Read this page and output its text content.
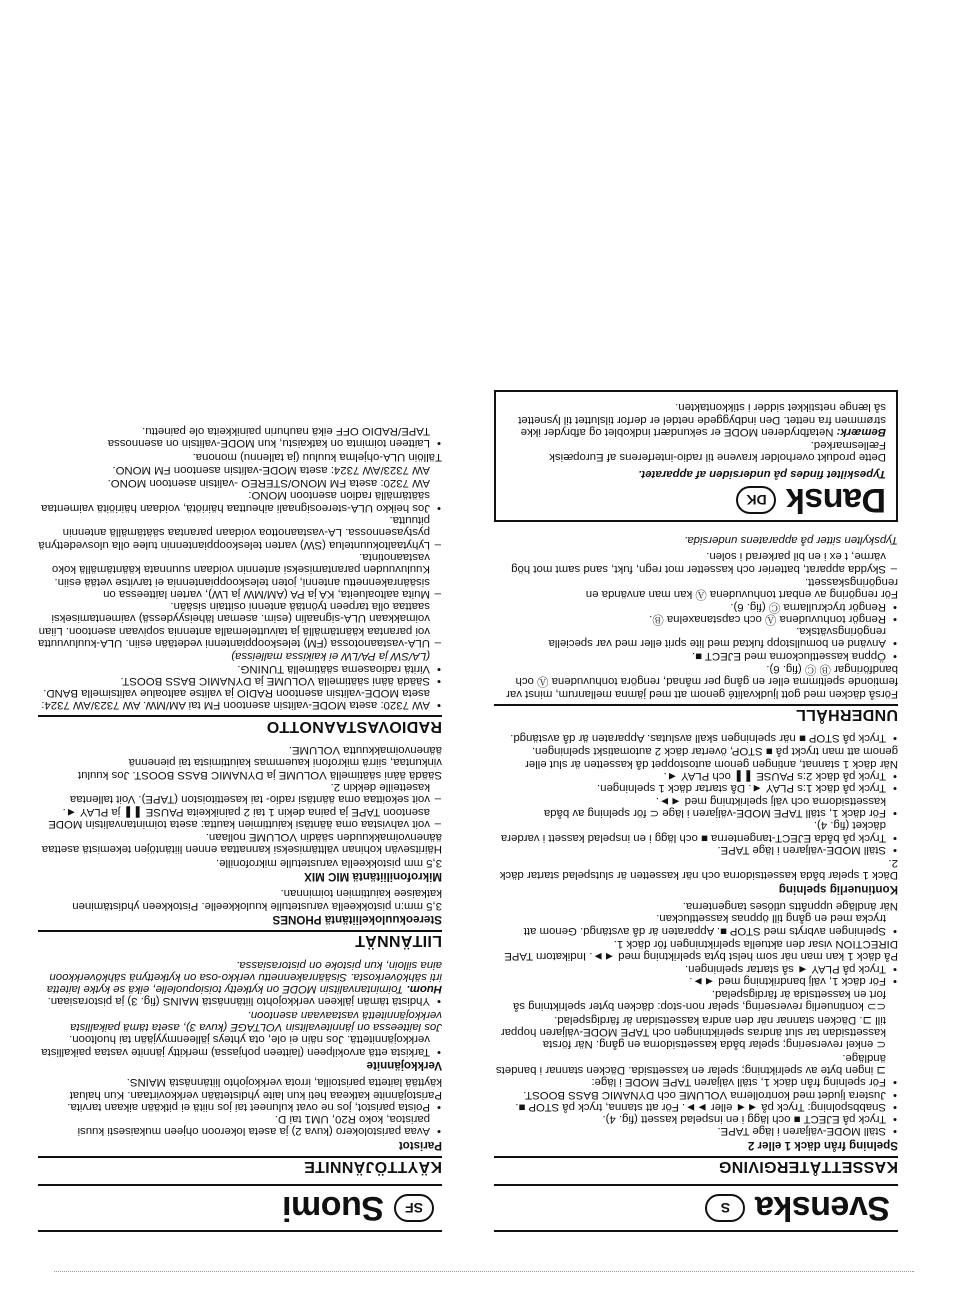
Svenska
S
KASSETTÅTERGIVING
Spelning från däck 1 eller 2
• Ställ MODE-väljaren i läge TAPE.
• Tryck på EJECT ■ och lägg i en inspelad kassett (fig. 4).
• Snabbspolning: Tryck på ◄◄ eller ►►. För att stanna, tryck på STOP ■.
• Justera ljudet med kontrollerna VOLUME och DYNAMIC BASS BOOST.
• För spelning från däck 1, ställ väljaren TAPE MODE i läge:

⊐ ingen byte av spelriktning; spelar en kassettsida. Däcken stannar i bandets ändläge.

⊂ enkel reversering; spelar båda kassettsidorna en gång. När första kassettsidan tar slut ändras spelriktningen och TAPE MODE-väljaren hoppar till ⊐. Däcken stannar när den andra kassettsidan är färdigspelad.

⊂⊃ kontinuerlig reversering, spelar non-stop: däcken byter spelriktning så fort en kassettsida är färdigspelad.

• För däck 1, välj bandriktning med ◄►.
• Tryck på PLAY ◄ så startar spelningen.

På däck 1 kan man när som helst byta spelriktning med ◄►. Indikatorn TAPE DIRECTION visar den aktuella spelriktningen för däck 1.

• Spelningen avbryts med STOP ■. Apparaten är då avstängd. Genom att trycka med en gång till öppnas kassettluckan.

När ändläge uppnåtts utlöses tangenterna.

Kontinuerlig spelning

Däck 1 spelar båda kassettsidorna och när kassetten är slutspelad startar däck 2.

• Ställ MODE-väljaren i läge TAPE.
• Tryck på båda EJECT-tangenterna ■ och lägg i en inspelad kassett i vardera däcket (fig. 4).
• För däck 1, ställ TAPE MODE-väljaren i läge ⊂ för spelning av båda kassettsidorna och välj spelriktning med ◄►.
• Tryck på däck 1:s PLAY ◄. Då startar däck 1 spelningen.
• Tryck på däck 2:s PAUSE ❚❚ och PLAY ◄.

När däck 1 stannat, antingen genom autostoppet då kassetten är slut eller genom att man tryckt på ■ STOP, övertar däck 2 automatiskt spelningen.

• Tryck på STOP ■ när spelningen skall avslutas. Apparaten är då avstängd.
UNDERHÅLL

Förså däcken med gott ljudkvalité genom att med jämna mellanrum, minst var femtionde speltimma eller en gång per månad, rengöra tonhuvudena Ⓐ och bandföringar Ⓑ Ⓒ (fig. 6).

• Öppna kassettluckorna med EJECT ■.
• Använd en bomullstopp fuktad med lite sprit eller med var speciella rengöringsvätska.
• Rengör tonhuvudena Ⓐ och capstanaxelna Ⓑ.
• Rengör tryckrullarna Ⓒ (fig. 6).

För rengöring av enbart tonhuvudena Ⓐ kan man använda en rengöringskassett.

– Skydda apparat, batterier och kassetter mot regn, fukt, sand samt mot hög värme, t ex i en bil parkerad i solen.

Typskylten sitter på apparatens undersida.

Dansk
DK

Typeskiltet findes på undersiden af apparatet.

Dette produkt overholder kravene til radio-interferens af Europæisk Fællesmarked.

Bemærk: Netafbryderen MODE er sekundært indkoblet og afbryder ikke strømmen fra nettet. Den indbyggede netdel er derfor tilsluttet til lysnettet så længe netstikket sidder i stikkontakten.

SF
Suomi
KÄYTTÖJÄNNITE
Paristot
• Avaa paristolokero (kuva 2) ja aseta lokeroon ohjeen mukaisesti kuusi paristoa, koko R20, UM1 tai D.
• Poista paristot, jos ne ovat kuluneet tai jos niitä ei pitkään aikaan tarvita.

Paristojännite katkeaa heti kun laite yhdistetään verkkovirtaan. Kun haluat käyttää laitetta paristoilla, irrota verkkojohto liitännästä MAINS.

Verkkojännite
• Tarkista että arvokilpeen (laitteen pohjassa) merkitty jännite vastaa paikallista verkkojännitettä. Jos näin ei ole, ota yhteys jälleenmyyjään tai huoltoon.

Jos laitteessa on jännitevalitsin VOLTAGE (kuva 3), aseta tämä paikallista verkkojännitettä vastaavaan asentoon.

• Yhdistä tämän jälkeen verkkojohto liitännästä MAINS (fig. 3) ja pistorasiaan.

Huom. Toimintanvalitsin MODE on kytketty toisiopuolelle, eikä se kytke laitetta irti sähköverkosta. Sisäänrakennettu verkko-osa on kytkettynä sähköverkkoon aina silloin, kun pistoke on pistorasiassa.

LIITÄNNÄT
Stereokuulokeliitäntä PHONES

3,5 mm:n pistokkeella varustetulle kuulokkeelle. Pistokkeen yhdistäminen katkaisee kaiuttimien toiminnan.

Mikrofoniliitäntä MIC MIX

3,5 mm pistokkeella varustetulle mikrofonille.

Häiritsevän kohinan välttämiseksi kannattaa ennen liitäntöjen tekemistä asettaa äänenvoimakkuuden säädin VOLUME nollaan.

– voit vahvistaa oma ääntäsi kaiuttimien kautta: aseta toimintanvalitsin MODE asentoon TAPE ja paina dekin 1 tai 2 painikkeita PAUSE ❚❚ ja PLAY ◄.
– voit sekoittaa oma ääntäsi radio- tai kasettitoiston (TAPE). Voit tallentaa kasetteille dekkin 2.

Säädä ääni säätimellä VOLUME ja DYNAMIC BASS BOOST. Jos kuulut vinkuntaa, siirrä mikrofoni kauemmas kaiuttimista tai pienennä äänenvoimakkuutta VOLUME.

RADIOVASTAANOTTO
• AW 7320: aseta MODE-valitsin asentoon FM tai AM/MW. AW 7323/AW 7324: aseta MODE-valitsin asentoon RADIO ja valitse aaltoalue valitsimella BAND.
• Säädä ääni säätimellä VOLUME ja DYNAMIC BASS BOOST.
• Viritä radioasema säätimellä TUNING.

(LA/SW ja PA/LW ei kaikissa malleissa)

– ULA-vastaanotossa (FM) teleskooppiantenni vedetään esiin. ULA-kuuluvuutta voi parantaa kääntämällä ja taivuttelemalla antennia sopivaan asentoon. Liian voimakkaan ULA-signaalin (esim. aseman läheisyydessä) vaimentamiseksi saattaa olla tarpeen työntää antenni osittain sisään.
– Muita aaltoalueita, KA ja PA (AM/MW ja LW), varten laitteessa on sisäänrakennettu antenni, joten teleskooppiantennia ei tarvitse vetää esiin. Kuuluvuuden parantamiseksi antennin voidaan suunnata kääntämällä koko vastaanotinta.
– Lyhytaaltokuuntelua (SW) varten teleskooppiantennin tulee olla ulosvedettynä pystyasennossa. LA-vastaanottoa voidaan parantaa säätämällä antennin pituutta.
• Jos heikko ULA-stereosignaali aiheuttaa häiriötä, voidaan häiriöitä vaimentaa säätämällä radion asentoon MONO:

AW 7320: aseta FM MONO/STEREO -valitsin asentoon MONO.

AW 7323/AW 7324: aseta MODE-valitsin asentoon FM MONO.

Tällöin ULA-ohjelma kuuluu (ja tallennu) monona.

• Laitteen toiminta on katkaistu, kun MODE-valitsin on asennossa TAPE/RADIO OFF eikä nauhurin painikkeita ole painettu.
